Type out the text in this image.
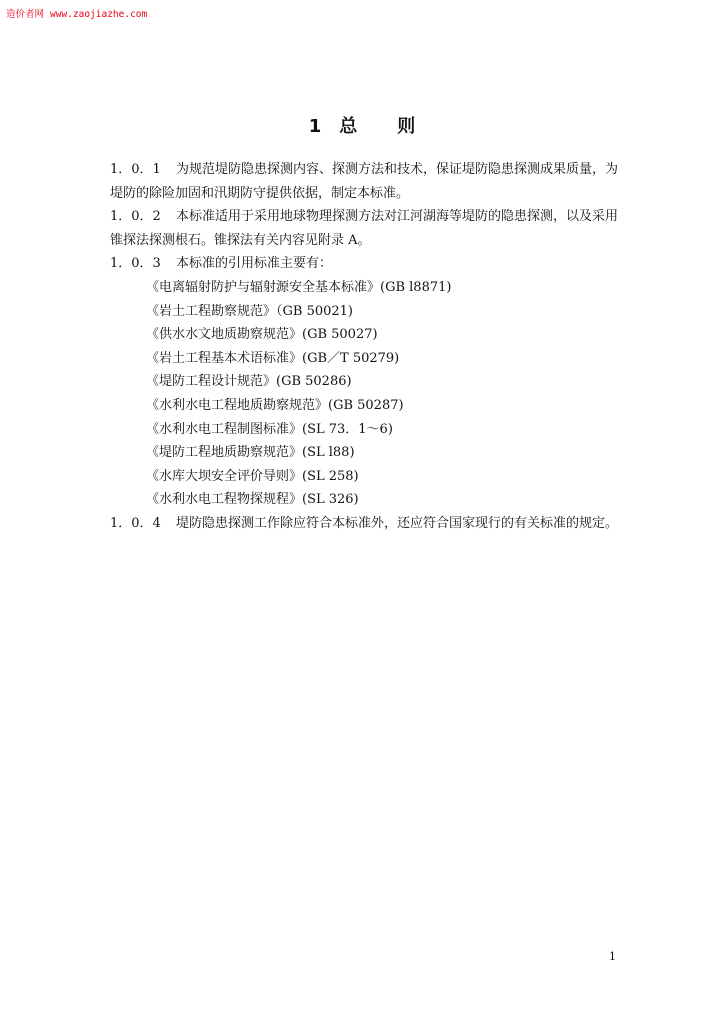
造价者网 www.zaojiazhe.com
1 总 则

1．0．1 为规范堤防隐患探测内容、探测方法和技术，保证堤防隐患探测成果质量，为堤防的除险加固和汛期防守提供依据，制定本标准。

1．0．2 本标准适用于采用地球物理探测方法对江河湖海等堤防的隐患探测，以及采用锥探法探测根石。锥探法有关内容见附录 A。

1．0．3 本标准的引用标准主要有：

《电离辐射防护与辐射源安全基本标准》(GB l8871)
《岩土工程勘察规范》（GB 50021)
《供水水文地质勘察规范》(GB 50027)
《岩土工程基本术语标准》(GB／T 50279)
《堤防工程设计规范》(GB 50286)
《水利水电工程地质勘察规范》(GB 50287)
《水利水电工程制图标准》(SL 73．1～6)
《堤防工程地质勘察规范》(SL l88)
《水库大坝安全评价导则》(SL 258)
《水利水电工程物探规程》(SL 326)

1．0．4 堤防隐患探测工作除应符合本标准外，还应符合国家现行的有关标准的规定。

1
